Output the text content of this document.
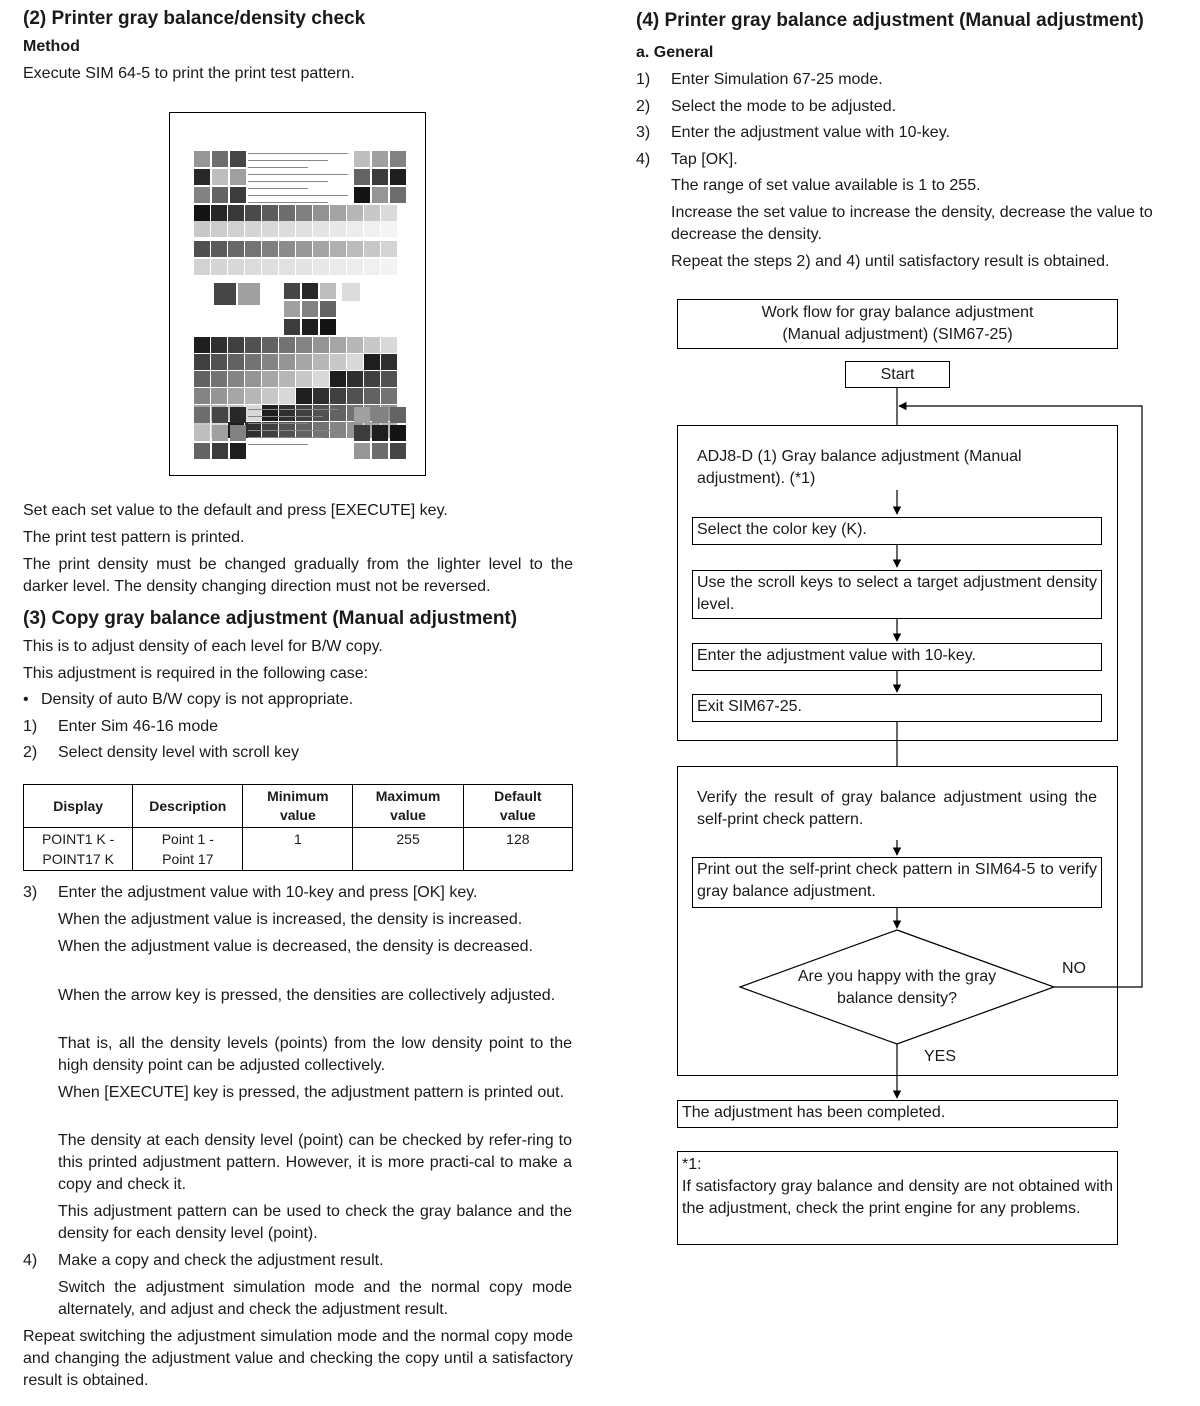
(2) Printer gray balance/density check
Method
Execute SIM 64-5 to print the print test pattern.
Set each set value to the default and press [EXECUTE] key.
The print test pattern is printed.
The print density must be changed gradually from the lighter level to the darker level. The density changing direction must not be reversed.
(3) Copy gray balance adjustment (Manual adjustment)
This is to adjust density of each level for B/W copy.
This adjustment is required in the following case:
• Density of auto B/W copy is not appropriate.
1) Enter Sim 46-16 mode
2) Select density level with scroll key
Display	Description	Minimum value	Maximum value	Default value

POINT1 K - POINT17 K	Point 1 - Point 17	1	255	128
3) Enter the adjustment value with 10-key and press [OK] key.
When the adjustment value is increased, the density is increased.
When the adjustment value is decreased, the density is decreased.
When the arrow key is pressed, the densities are collectively adjusted.
That is, all the density levels (points) from the low density point to the high density point can be adjusted collectively.
When [EXECUTE] key is pressed, the adjustment pattern is printed out.
The density at each density level (point) can be checked by refer-ring to this printed adjustment pattern. However, it is more practi-cal to make a copy and check it.
This adjustment pattern can be used to check the gray balance and the density for each density level (point).
4) Make a copy and check the adjustment result.
Switch the adjustment simulation mode and the normal copy mode alternately, and adjust and check the adjustment result.
Repeat switching the adjustment simulation mode and the normal copy mode and changing the adjustment value and checking the copy until a satisfactory result is obtained.
(4) Printer gray balance adjustment (Manual adjustment)
a. General
1) Enter Simulation 67-25 mode.
2) Select the mode to be adjusted.
3) Enter the adjustment value with 10-key.
4) Tap [OK].
The range of set value available is 1 to 255.
Increase the set value to increase the density, decrease the value to decrease the density.
Repeat the steps 2) and 4) until satisfactory result is obtained.
Work flow for gray balance adjustment (Manual adjustment) (SIM67-25)
Start
ADJ8-D (1) Gray balance adjustment (Manual adjustment). (*1)
Select the color key (K).
Use the scroll keys to select a target adjustment density level.
Enter the adjustment value with 10-key.
Exit SIM67-25.
Verify the result of gray balance adjustment using the self-print check pattern.
Print out the self-print check pattern in SIM64-5 to verify gray balance adjustment.
Are you happy with the gray balance density?
NO
YES
The adjustment has been completed.
*1:
If satisfactory gray balance and density are not obtained with the adjustment, check the print engine for any problems.
